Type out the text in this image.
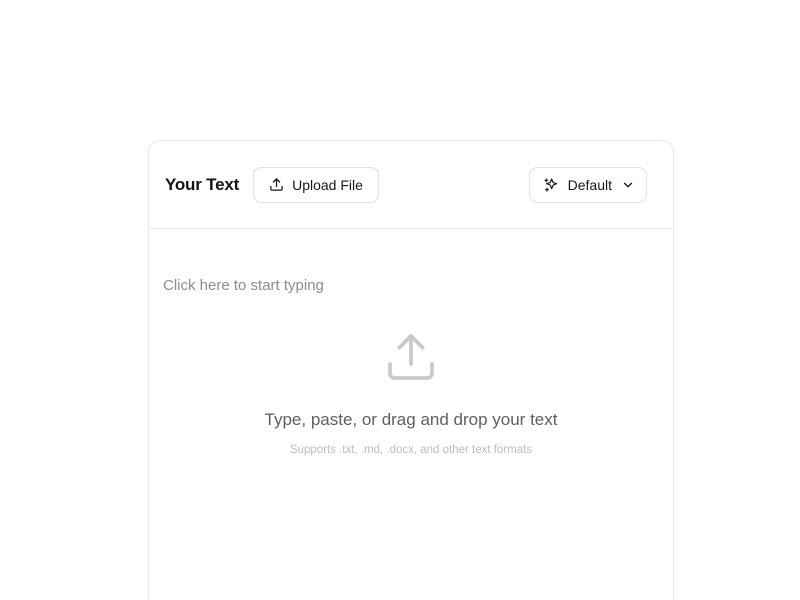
Your Text	Upload File	Default
Click here to start typing
Type, paste, or drag and drop your text
Supports .txt, .md, .docx, and other text formats
